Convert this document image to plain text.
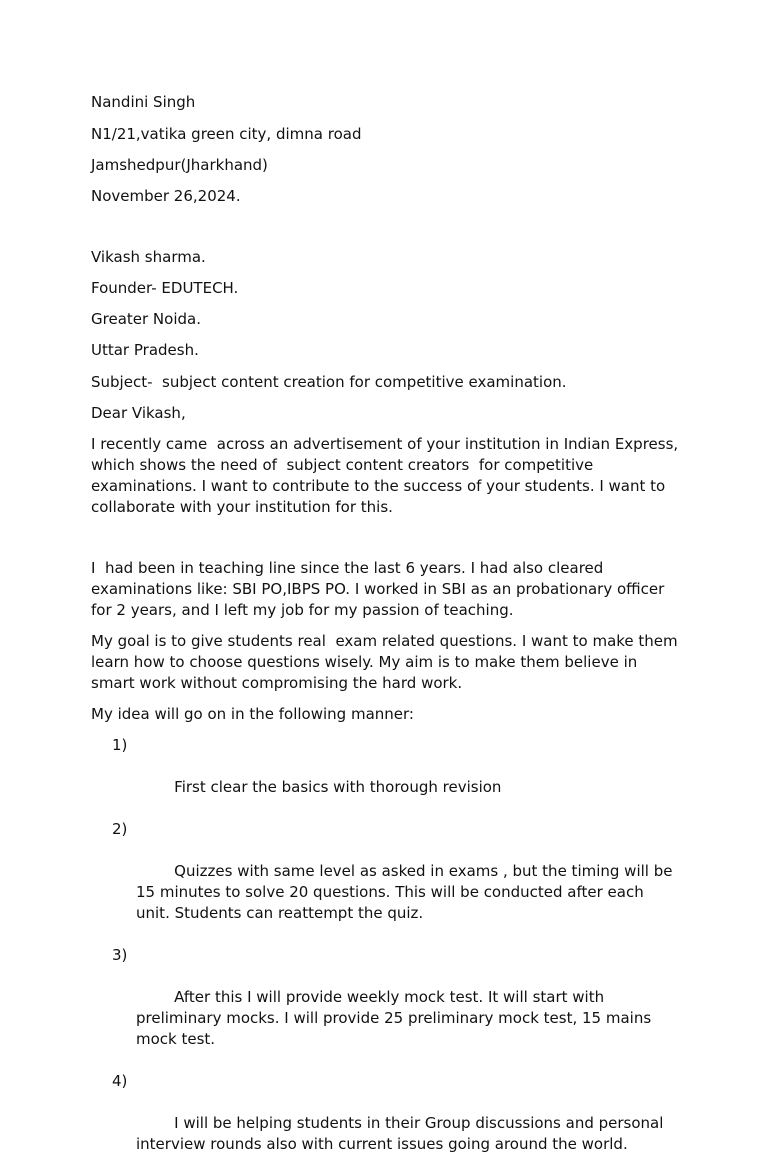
Nandini Singh

N1/21,vatika green city, dimna road

Jamshedpur(Jharkhand)

November 26,2024.

Vikash sharma.

Founder- EDUTECH.

Greater Noida.

Uttar Pradesh.

Subject-  subject content creation for competitive examination.

Dear Vikash,

I recently came  across an advertisement of your institution in Indian Express, which shows the need of  subject content creators  for competitive examinations. I want to contribute to the success of your students. I want to collaborate with your institution for this.

I  had been in teaching line since the last 6 years. I had also cleared examinations like: SBI PO,IBPS PO. I worked in SBI as an probationary officer for 2 years, and I left my job for my passion of teaching.

My goal is to give students real  exam related questions. I want to make them learn how to choose questions wisely. My aim is to make them believe in smart work without compromising the hard work.

My idea will go on in the following manner:

1)

First clear the basics with thorough revision

2)

Quizzes with same level as asked in exams , but the timing will be 15 minutes to solve 20 questions. This will be conducted after each unit. Students can reattempt the quiz.

3)

After this I will provide weekly mock test. It will start with preliminary mocks. I will provide 25 preliminary mock test, 15 mains mock test.

4)

I will be helping students in their Group discussions and personal interview rounds also with current issues going around the world.
